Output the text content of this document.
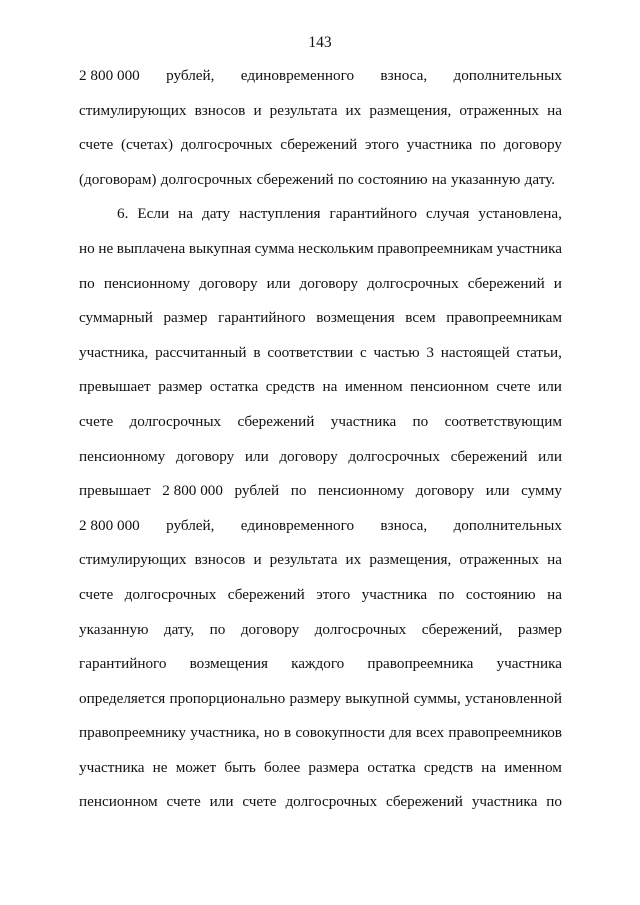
143
2 800 000 рублей, единовременного взноса, дополнительных
стимулирующих взносов и результата их размещения, отраженных на
счете (счетах) долгосрочных сбережений этого участника по договору
(договорам) долгосрочных сбережений по состоянию на указанную дату.
6. Если на дату наступления гарантийного случая установлена,
но не выплачена выкупная сумма нескольким правопреемникам участника
по пенсионному договору или договору долгосрочных сбережений и
суммарный размер гарантийного возмещения всем правопреемникам
участника, рассчитанный в соответствии с частью 3 настоящей статьи,
превышает размер остатка средств на именном пенсионном счете или
счете долгосрочных сбережений участника по соответствующим
пенсионному договору или договору долгосрочных сбережений или
превышает 2 800 000 рублей по пенсионному договору или сумму
2 800 000 рублей, единовременного взноса, дополнительных
стимулирующих взносов и результата их размещения, отраженных на
счете долгосрочных сбережений этого участника по состоянию на
указанную дату, по договору долгосрочных сбережений, размер
гарантийного возмещения каждого правопреемника участника
определяется пропорционально размеру выкупной суммы, установленной
правопреемнику участника, но в совокупности для всех правопреемников
участника не может быть более размера остатка средств на именном
пенсионном счете или счете долгосрочных сбережений участника по
